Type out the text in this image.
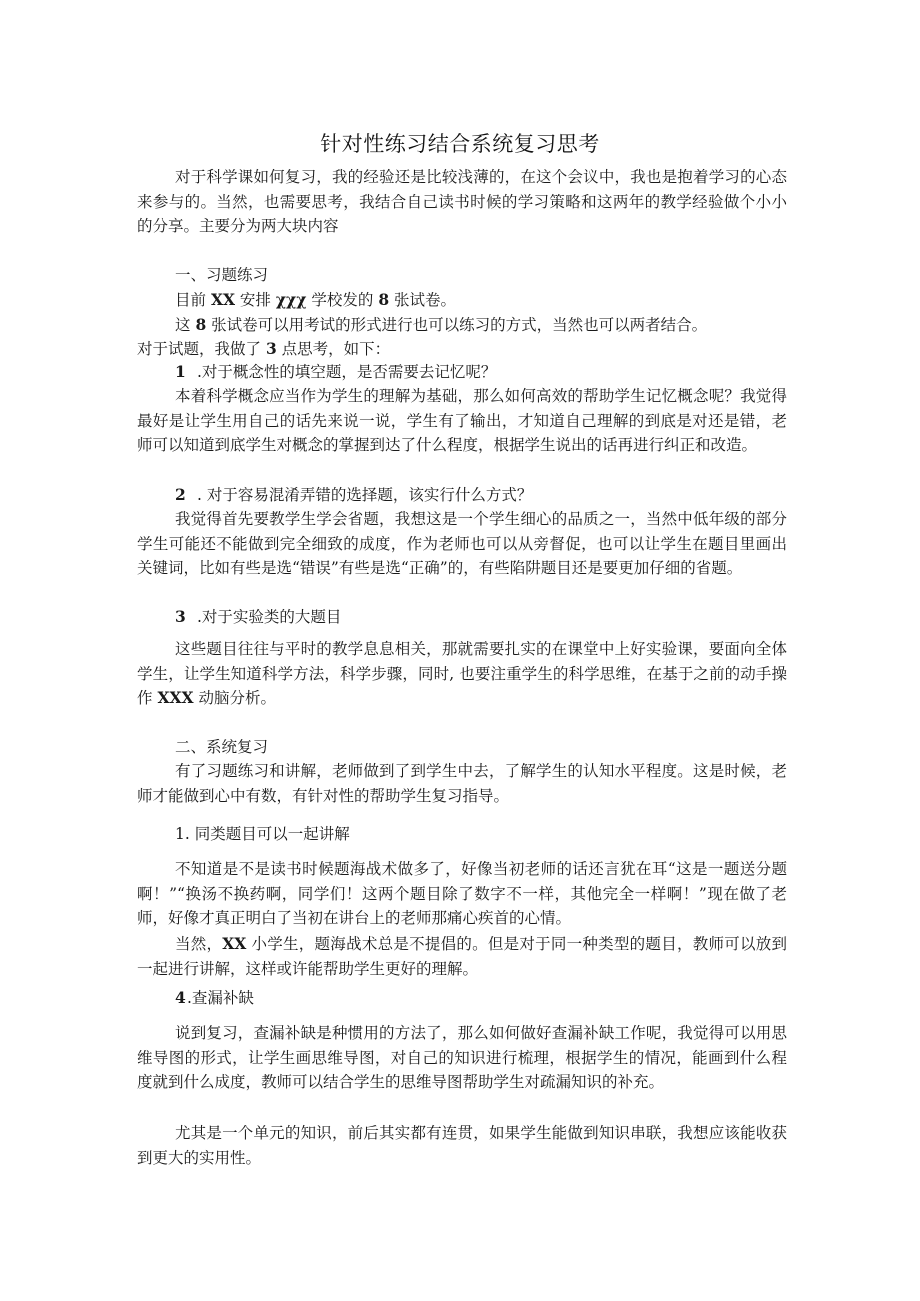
针对性练习结合系统复习思考

对于科学课如何复习，我的经验还是比较浅薄的，在这个会议中，我也是抱着学习的心态来参与的。当然，也需要思考，我结合自己读书时候的学习策略和这两年的教学经验做个小小的分享。主要分为两大块内容

一、习题练习
目前 XX 安排 χχχ 学校发的 8 张试卷。
这 8 张试卷可以用考试的形式进行也可以练习的方式，当然也可以两者结合。
对于试题，我做了 3 点思考，如下：
1 .对于概念性的填空题，是否需要去记忆呢？

本着科学概念应当作为学生的理解为基础，那么如何高效的帮助学生记忆概念呢？我觉得最好是让学生用自己的话先来说一说，学生有了输出，才知道自己理解的到底是对还是错，老师可以知道到底学生对概念的掌握到达了什么程度，根据学生说出的话再进行纠正和改造。

2 . 对于容易混淆弄错的选择题，该实行什么方式？

我觉得首先要教学生学会省题，我想这是一个学生细心的品质之一，当然中低年级的部分学生可能还不能做到完全细致的成度，作为老师也可以从旁督促，也可以让学生在题目里画出关键词，比如有些是选“错误”有些是选“正确”的，有些陷阱题目还是要更加仔细的省题。

3 .对于实验类的大题目

这些题目往往与平时的教学息息相关，那就需要扎实的在课堂中上好实验课，要面向全体学生，让学生知道科学方法，科学步骤，同时, 也要注重学生的科学思维，在基于之前的动手操作 XXX 动脑分析。

二、系统复习

有了习题练习和讲解，老师做到了到学生中去，了解学生的认知水平程度。这是时候，老师才能做到心中有数，有针对性的帮助学生复习指导。

1. 同类题目可以一起讲解

不知道是不是读书时候题海战术做多了，好像当初老师的话还言犹在耳“这是一题送分题啊！”“换汤不换药啊，同学们！这两个题目除了数字不一样，其他完全一样啊！”现在做了老师，好像才真正明白了当初在讲台上的老师那痛心疾首的心情。

当然，XX 小学生，题海战术总是不提倡的。但是对于同一种类型的题目，教师可以放到一起进行讲解，这样或许能帮助学生更好的理解。

4.查漏补缺

说到复习，查漏补缺是种惯用的方法了，那么如何做好查漏补缺工作呢，我觉得可以用思维导图的形式，让学生画思维导图，对自己的知识进行梳理，根据学生的情况，能画到什么程度就到什么成度，教师可以结合学生的思维导图帮助学生对疏漏知识的补充。

尤其是一个单元的知识，前后其实都有连贯，如果学生能做到知识串联，我想应该能收获到更大的实用性。
